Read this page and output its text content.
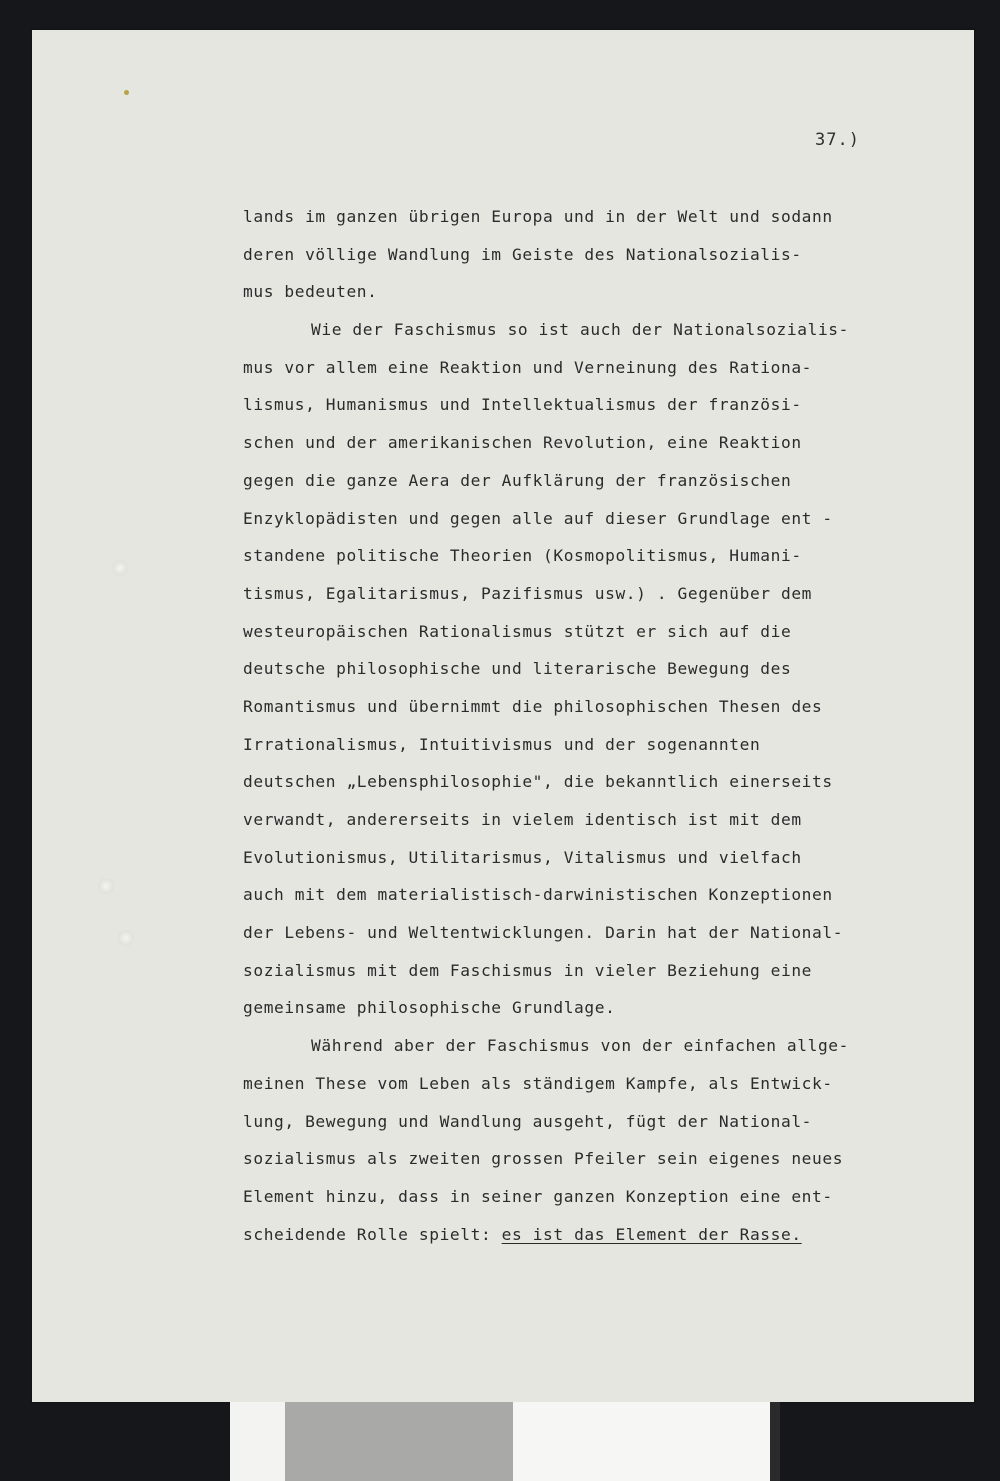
37.)
lands im ganzen übrigen Europa und in der Welt und sodann
deren völlige Wandlung im Geiste des Nationalsozialis-
mus bedeuten.
Wie der Faschismus so ist auch der Nationalsozialis-
mus vor allem eine Reaktion und Verneinung des Rationa-
lismus, Humanismus und Intellektualismus der französi-
schen und der amerikanischen Revolution, eine Reaktion
gegen die ganze Aera der Aufklärung der französischen
Enzyklopädisten und gegen alle auf dieser Grundlage ent -
standene politische Theorien (Kosmopolitismus, Humani-
tismus, Egalitarismus, Pazifismus usw.) . Gegenüber dem
westeuropäischen Rationalismus stützt er sich auf die
deutsche philosophische und literarische Bewegung des
Romantismus und übernimmt die philosophischen Thesen des
Irrationalismus, Intuitivismus und der sogenannten
deutschen „Lebensphilosophie", die bekanntlich einerseits
verwandt, andererseits in vielem identisch ist mit dem
Evolutionismus, Utilitarismus, Vitalismus und vielfach
auch mit dem materialistisch-darwinistischen Konzeptionen
der Lebens- und Weltentwicklungen. Darin hat der National-
sozialismus mit dem Faschismus in vieler Beziehung eine
gemeinsame philosophische Grundlage.
Während aber der Faschismus von der einfachen allge-
meinen These vom Leben als ständigem Kampfe, als Entwick-
lung, Bewegung und Wandlung ausgeht, fügt der National-
sozialismus als zweiten grossen Pfeiler sein eigenes neues
Element hinzu, dass in seiner ganzen Konzeption eine ent-
scheidende Rolle spielt: es ist das Element der Rasse.
